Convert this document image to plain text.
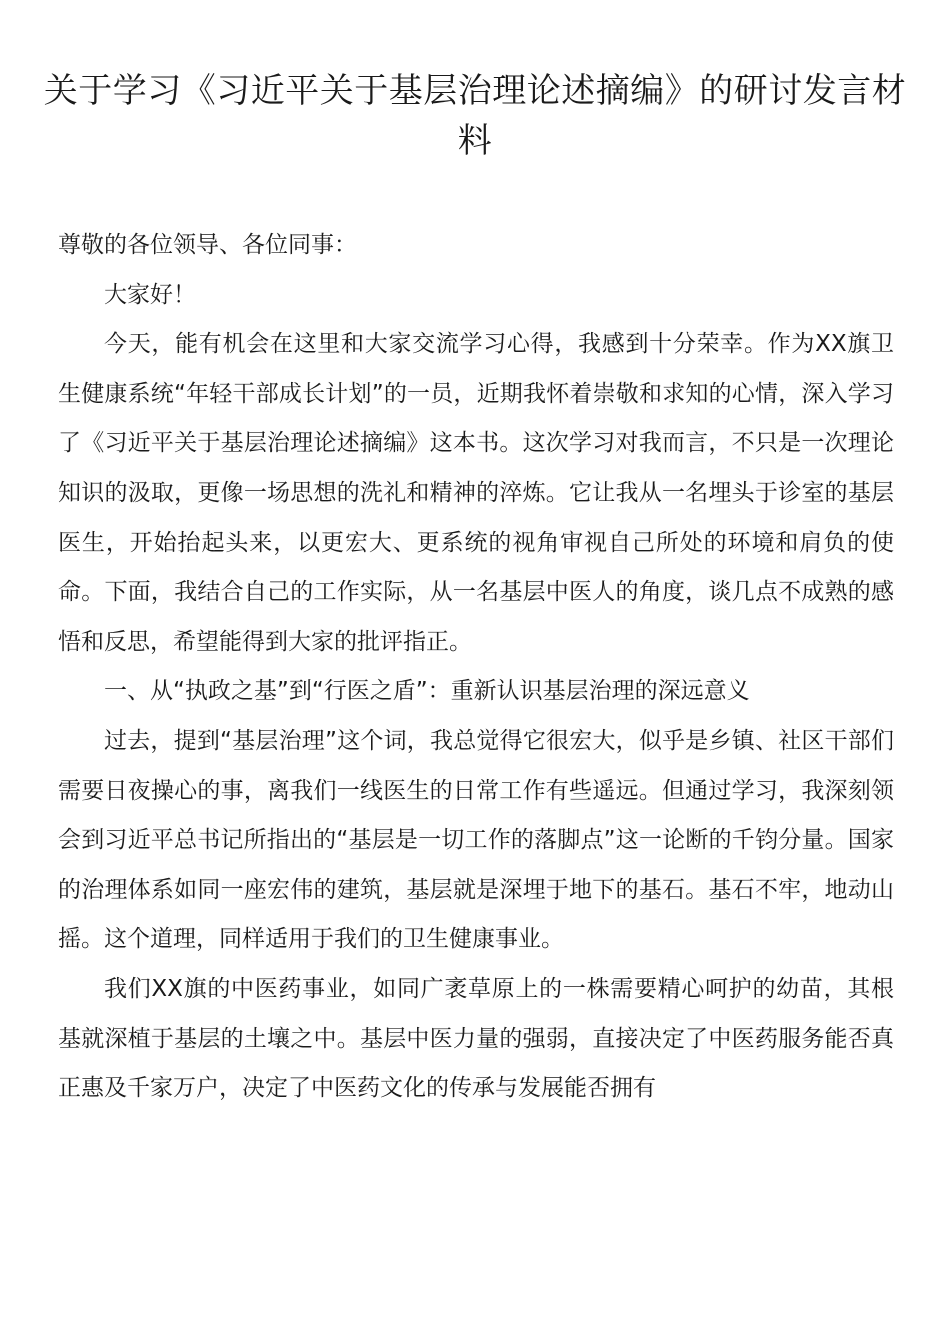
关于学习《习近平关于基层治理论述摘编》的研讨发言材料

尊敬的各位领导、各位同事：

大家好！

今天，能有机会在这里和大家交流学习心得，我感到十分荣幸。作为XX旗卫生健康系统“年轻干部成长计划”的一员，近期我怀着崇敬和求知的心情，深入学习了《习近平关于基层治理论述摘编》这本书。这次学习对我而言，不只是一次理论知识的汲取，更像一场思想的洗礼和精神的淬炼。它让我从一名埋头于诊室的基层医生，开始抬起头来，以更宏大、更系统的视角审视自己所处的环境和肩负的使命。下面，我结合自己的工作实际，从一名基层中医人的角度，谈几点不成熟的感悟和反思，希望能得到大家的批评指正。

一、从“执政之基”到“行医之盾”：重新认识基层治理的深远意义

过去，提到“基层治理”这个词，我总觉得它很宏大，似乎是乡镇、社区干部们需要日夜操心的事，离我们一线医生的日常工作有些遥远。但通过学习，我深刻领会到习近平总书记所指出的“基层是一切工作的落脚点”这一论断的千钧分量。国家的治理体系如同一座宏伟的建筑，基层就是深埋于地下的基石。基石不牢，地动山摇。这个道理，同样适用于我们的卫生健康事业。

我们XX旗的中医药事业，如同广袤草原上的一株需要精心呵护的幼苗，其根基就深植于基层的土壤之中。基层中医力量的强弱，直接决定了中医药服务能否真正惠及千家万户，决定了中医药文化的传承与发展能否拥有
